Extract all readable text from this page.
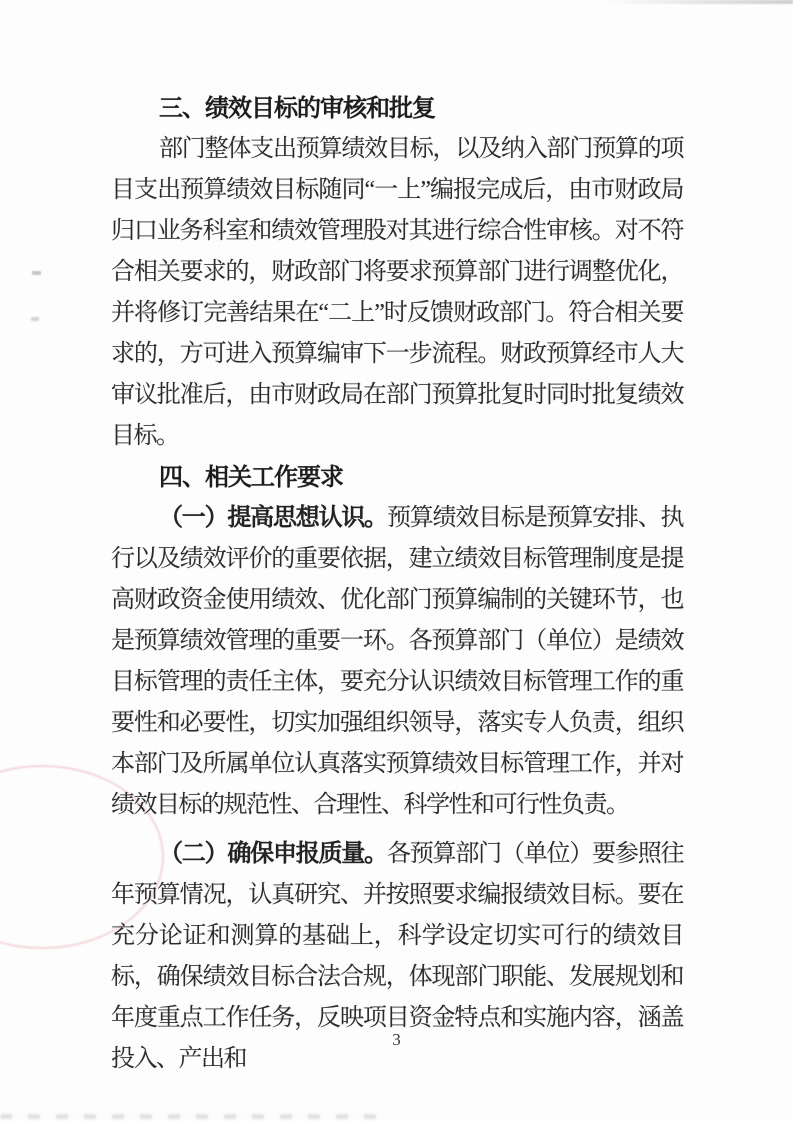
三、绩效目标的审核和批复

部门整体支出预算绩效目标，以及纳入部门预算的项目支出预算绩效目标随同“一上”编报完成后，由市财政局归口业务科室和绩效管理股对其进行综合性审核。对不符合相关要求的，财政部门将要求预算部门进行调整优化，并将修订完善结果在“二上”时反馈财政部门。符合相关要求的，方可进入预算编审下一步流程。财政预算经市人大审议批准后，由市财政局在部门预算批复时同时批复绩效目标。

四、相关工作要求

（一）提高思想认识。预算绩效目标是预算安排、执行以及绩效评价的重要依据，建立绩效目标管理制度是提高财政资金使用绩效、优化部门预算编制的关键环节，也是预算绩效管理的重要一环。各预算部门（单位）是绩效目标管理的责任主体，要充分认识绩效目标管理工作的重要性和必要性，切实加强组织领导，落实专人负责，组织本部门及所属单位认真落实预算绩效目标管理工作，并对绩效目标的规范性、合理性、科学性和可行性负责。

（二）确保申报质量。各预算部门（单位）要参照往年预算情况，认真研究、并按照要求编报绩效目标。要在充分论证和测算的基础上，科学设定切实可行的绩效目标，确保绩效目标合法合规，体现部门职能、发展规划和年度重点工作任务，反映项目资金特点和实施内容，涵盖投入、产出和

3
